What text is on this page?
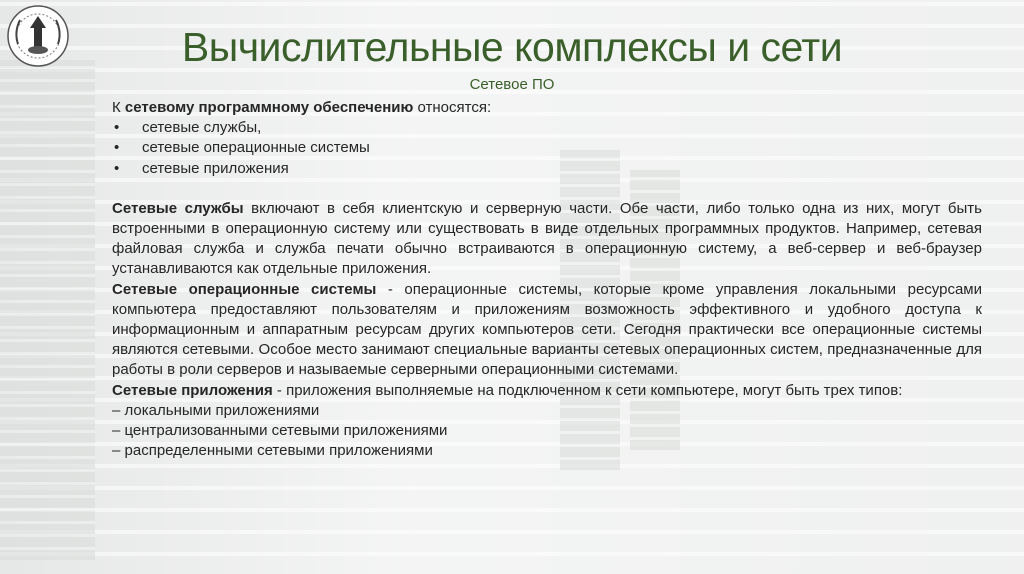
Вычислительные комплексы и сети
Сетевое ПО

К сетевому программному обеспечению относятся:

•	сетевые службы,
•	сетевые операционные системы
•	сетевые приложения

Сетевые службы включают в себя клиентскую и серверную части. Обе части, либо только одна из них, могут быть встроенными в операционную систему или существовать в виде отдельных программных продуктов. Например, сетевая файловая служба и служба печати обычно встраиваются в операционную систему, а веб-сервер и веб-браузер устанавливаются как отдельные приложения.

Сетевые операционные системы - операционные системы, которые кроме управления локальными ресурсами компьютера предоставляют пользователям и приложениям возможность эффективного и удобного доступа к информационным и аппаратным ресурсам других компьютеров сети. Сегодня практически все операционные системы являются сетевыми. Особое место занимают специальные варианты сетевых операционных систем, предназначенные для работы в роли серверов и называемые серверными операционными системами.

Сетевые приложения - приложения выполняемые на подключенном к сети компьютере, могут быть трех типов:

– локальными приложениями

– централизованными сетевыми приложениями

– распределенными сетевыми приложениями
